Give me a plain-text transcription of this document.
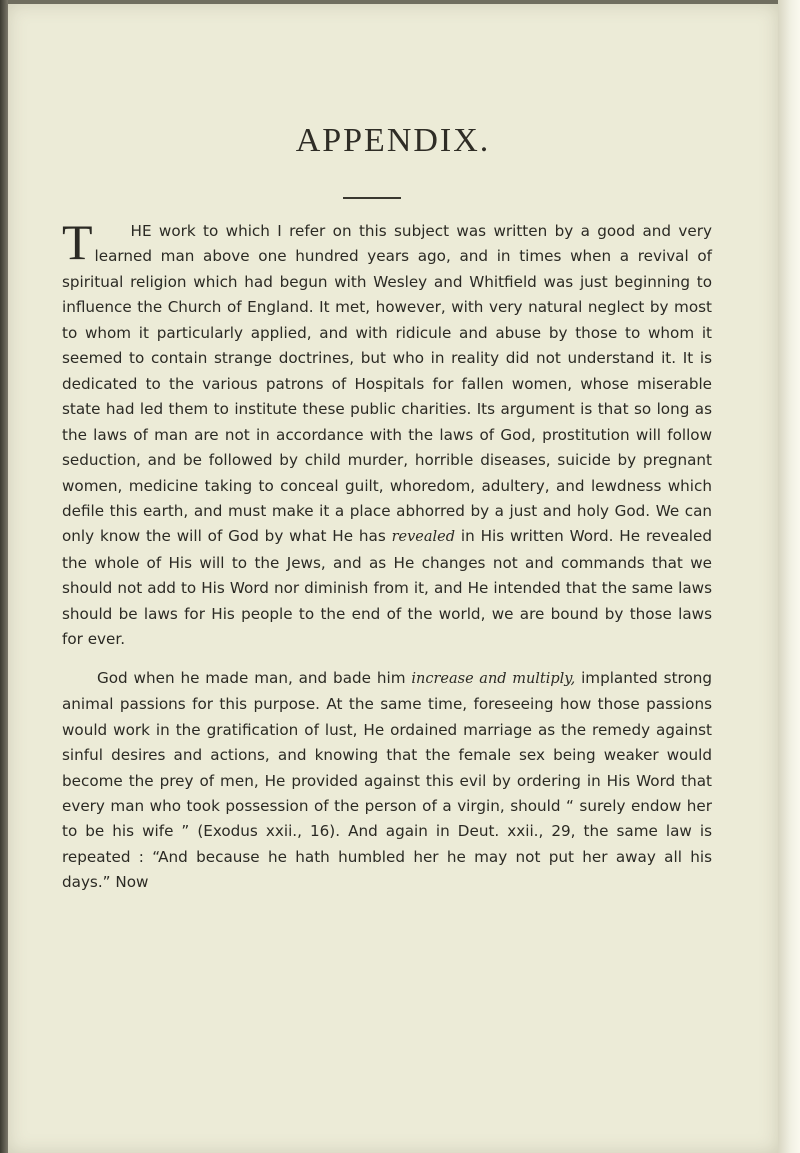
APPENDIX.

T	HE work to which I refer on this subject was written by a good and very learned man above one hundred years ago, and in times when a revival of spiritual religion which had begun with Wesley and Whitfield was just beginning to influence the Church of England. It met, however, with very natural neglect by most to whom it particularly applied, and with ridicule and abuse by those to whom it seemed to contain strange doctrines, but who in reality did not understand it. It is dedicated to the various patrons of Hospitals for fallen women, whose miserable state had led them to institute these public charities. Its argument is that so long as the laws of man are not in accordance with the laws of God, prostitution will follow seduction, and be followed by child murder, horrible diseases, suicide by pregnant women, medicine taking to conceal guilt, whoredom, adultery, and lewdness which defile this earth, and must make it a place abhorred by a just and holy God. We can only know the will of God by what He has revealed in His written Word. He revealed the whole of His will to the Jews, and as He changes not and commands that we should not add to His Word nor diminish from it, and He intended that the same laws should be laws for His people to the end of the world, we are bound by those laws for ever.

God when he made man, and bade him increase and multiply, implanted strong animal passions for this purpose. At the same time, foreseeing how those passions would work in the gratification of lust, He ordained marriage as the remedy against sinful desires and actions, and knowing that the female sex being weaker would become the prey of men, He provided against this evil by ordering in His Word that every man who took possession of the person of a virgin, should “ surely endow her to be his wife ” (Exodus xxii., 16). And again in Deut. xxii., 29, the same law is repeated : “And because he hath humbled her he may not put her away all his days.” Now
